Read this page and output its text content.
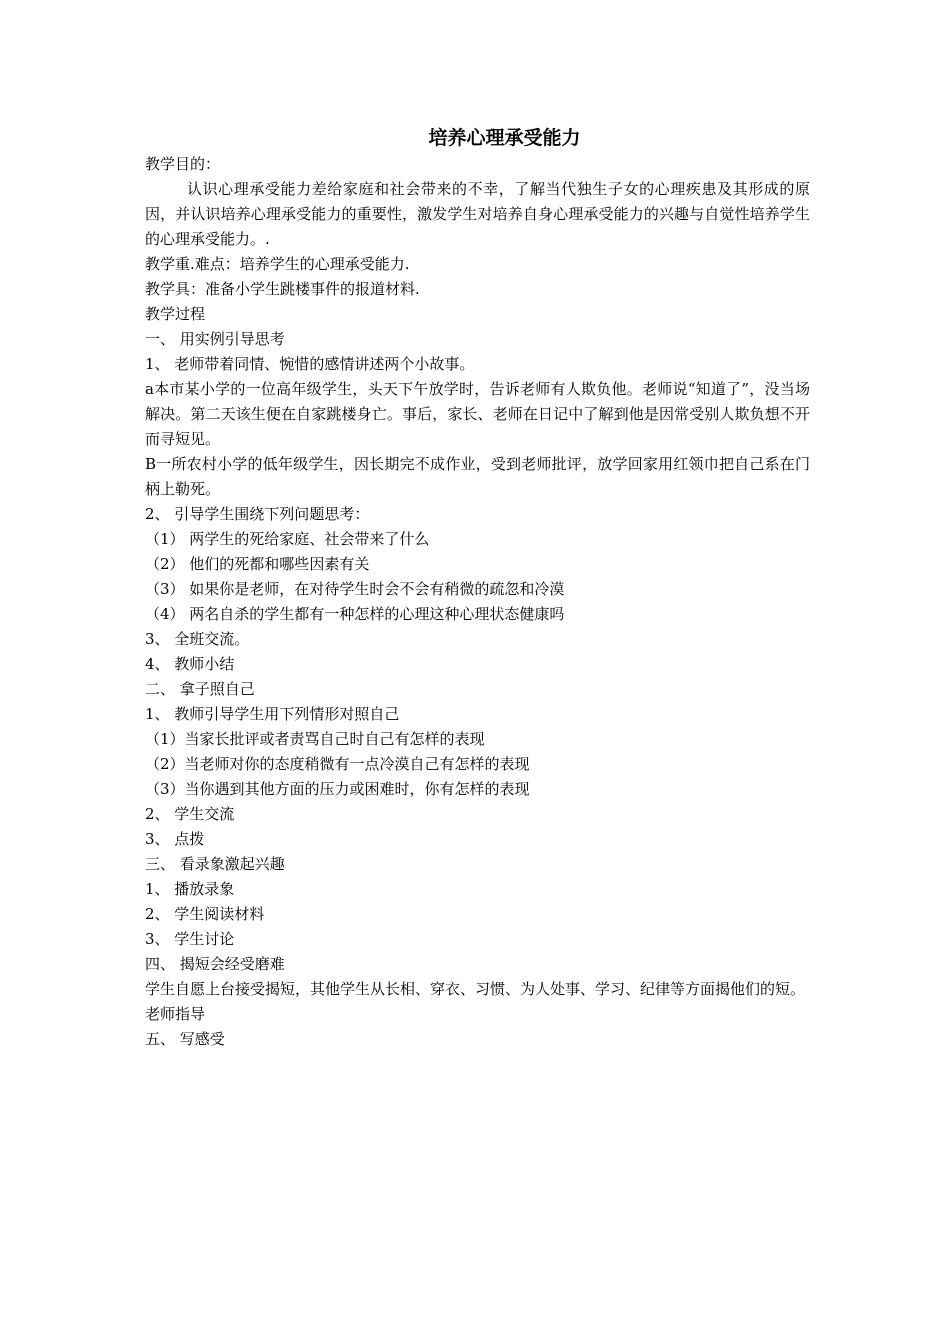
培养心理承受能力

教学目的：

认识心理承受能力差给家庭和社会带来的不幸，了解当代独生子女的心理疾患及其形成的原因，并认识培养心理承受能力的重要性，激发学生对培养自身心理承受能力的兴趣与自觉性培养学生的心理承受能力。.

教学重.难点：培养学生的心理承受能力.

教学具：准备小学生跳楼事件的报道材料.

教学过程

一、 用实例引导思考

1、 老师带着同情、惋惜的感情讲述两个小故事。

a本市某小学的一位高年级学生，头天下午放学时，告诉老师有人欺负他。老师说“知道了”，没当场解决。第二天该生便在自家跳楼身亡。事后，家长、老师在日记中了解到他是因常受别人欺负想不开而寻短见。

B一所农村小学的低年级学生，因长期完不成作业，受到老师批评，放学回家用红领巾把自己系在门柄上勒死。

2、 引导学生围绕下列问题思考：

（1） 两学生的死给家庭、社会带来了什么

（2） 他们的死都和哪些因素有关

（3） 如果你是老师，在对待学生时会不会有稍微的疏忽和冷漠

（4） 两名自杀的学生都有一种怎样的心理这种心理状态健康吗

3、 全班交流。

4、 教师小结

二、 拿子照自己

1、 教师引导学生用下列情形对照自己

（1）当家长批评或者责骂自己时自己有怎样的表现

（2）当老师对你的态度稍微有一点冷漠自己有怎样的表现

（3）当你遇到其他方面的压力或困难时，你有怎样的表现

2、 学生交流

3、 点拨

三、 看录象激起兴趣

1、 播放录象

2、 学生阅读材料

3、 学生讨论

四、 揭短会经受磨难

学生自愿上台接受揭短，其他学生从长相、穿衣、习惯、为人处事、学习、纪律等方面揭他们的短。

老师指导

五、 写感受
